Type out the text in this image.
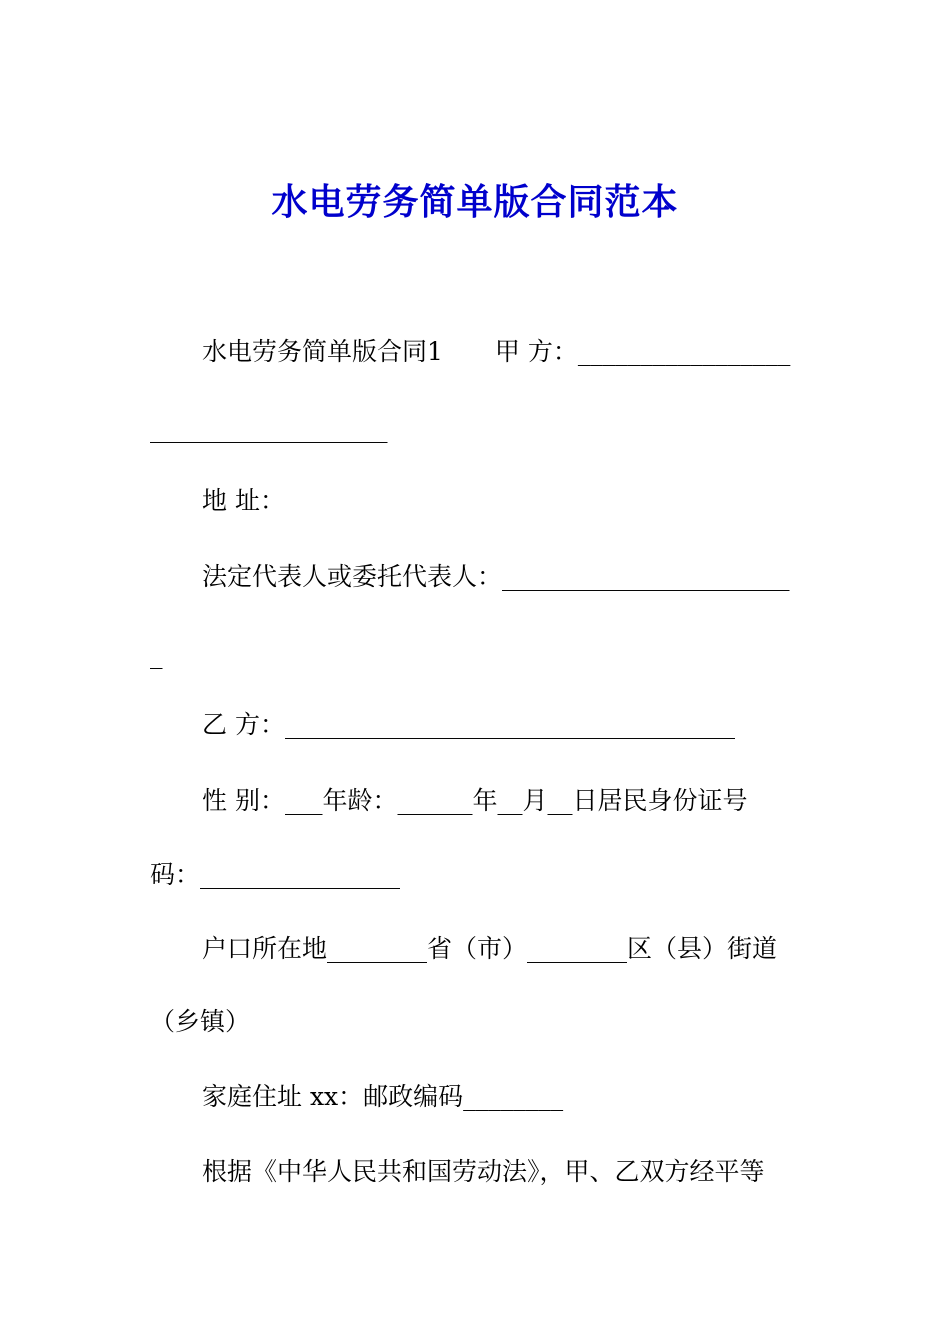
水电劳务简单版合同范本
水电劳务简单版合同1 甲 方：_________________
___________________
地 址：
法定代表人或委托代表人：_______________________
_
乙 方：____________________________________
性 别：___年龄：______年__月__日居民身份证号
码：________________
户口所在地________省（市）________区（县）街道
（乡镇）
家庭住址 xx：邮政编码________
根据《中华人民共和国劳动法》，甲、乙双方经平等
